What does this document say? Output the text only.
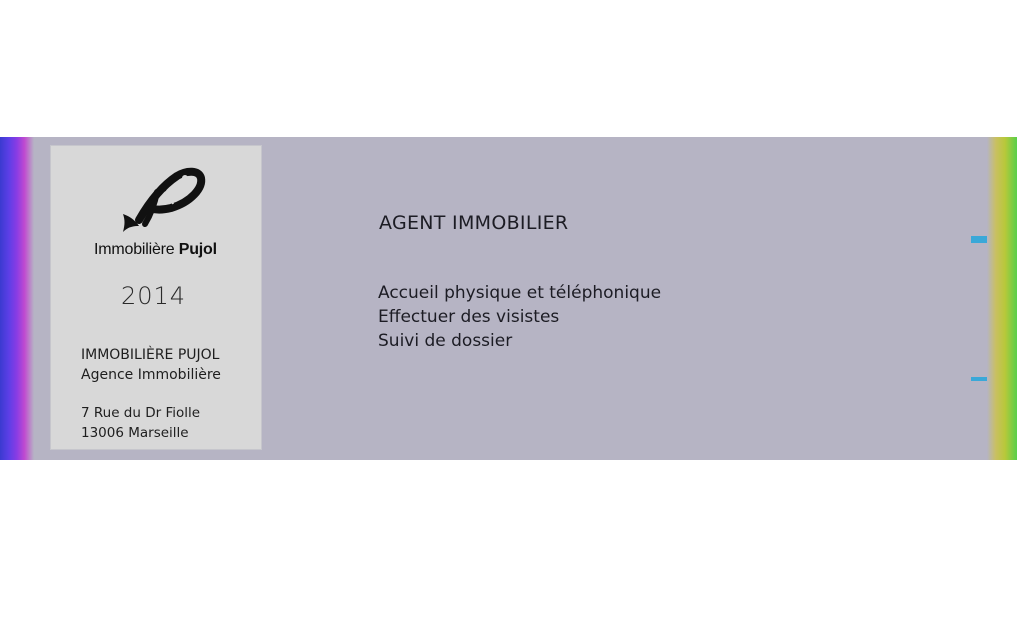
Immobilière Pujol
2014
IMMOBILIÈRE PUJOL
Agence Immobilière
7 Rue du Dr Fiolle
13006 Marseille
AGENT IMMOBILIER
Accueil physique et téléphonique
Effectuer des visistes
Suivi de dossier
